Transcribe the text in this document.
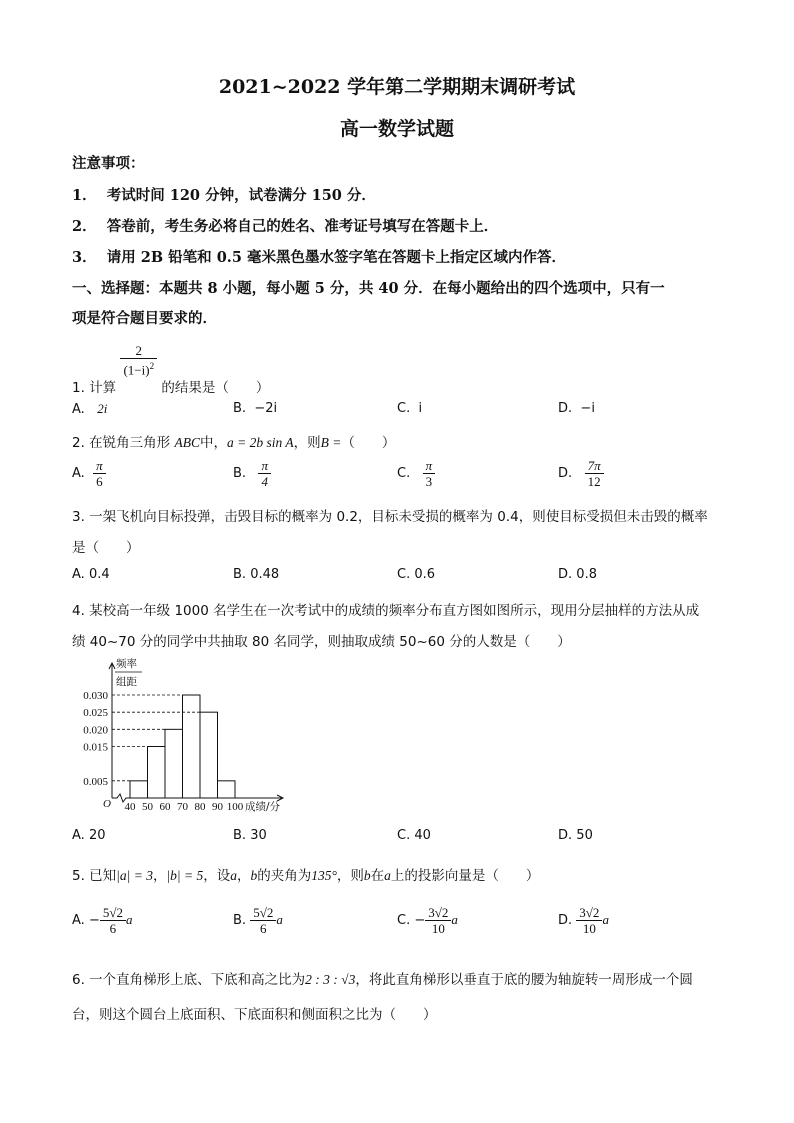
2021~2022 学年第二学期期末调研考试
高一数学试题
注意事项：
1． 考试时间 120 分钟，试卷满分 150 分．
2． 答卷前，考生务必将自己的姓名、准考证号填写在答题卡上．
3． 请用 2B 铅笔和 0.5 毫米黑色墨水签字笔在答题卡上指定区域内作答．
一、选择题：本题共 8 小题，每小题 5 分，共 40 分．在每小题给出的四个选项中，只有一
项是符合题目要求的．
1. 计算
$\frac{2}{(1-i)^2}$
的结果是（　　）
A. 2i	B. −2i	C. i	D. −i
2. 在锐角三角形 ABC中，a = 2b sin A，则B =（　　）
A. $\frac{\pi}{6}$	B. $\frac{\pi}{4}$	C. $\frac{\pi}{3}$	D. $\frac{7\pi}{12}$
3. 一架飞机向目标投弹，击毁目标的概率为 0.2，目标未受损的概率为 0.4，则使目标受损但未击毁的概率
是（　　）
A. 0.4	B. 0.48	C. 0.6	D. 0.8
4. 某校高一年级 1000 名学生在一次考试中的成绩的频率分布直方图如图所示，现用分层抽样的方法从成
绩 40~70 分的同学中共抽取 80 名同学，则抽取成绩 50~60 分的人数是（　　）
频率
组距
O
0.030
0.025
0.020
0.015
0.005
40 50 60 70 80 90 100 成绩/分
A. 20	B. 30	C. 40	D. 50
5. 已知|a| = 3，|b| = 5，设a，b的夹角为135°，则b在a上的投影向量是（　　）
A. − $\frac{5√2}{6}$ a	B. $\frac{5√2}{6}$ a	C. − $\frac{3√2}{10}$ a	D. $\frac{3√2}{10}$ a
6. 一个直角梯形上底、下底和高之比为2 : 3 : √3，将此直角梯形以垂直于底的腰为轴旋转一周形成一个圆
台，则这个圆台上底面积、下底面积和侧面积之比为（　　）
